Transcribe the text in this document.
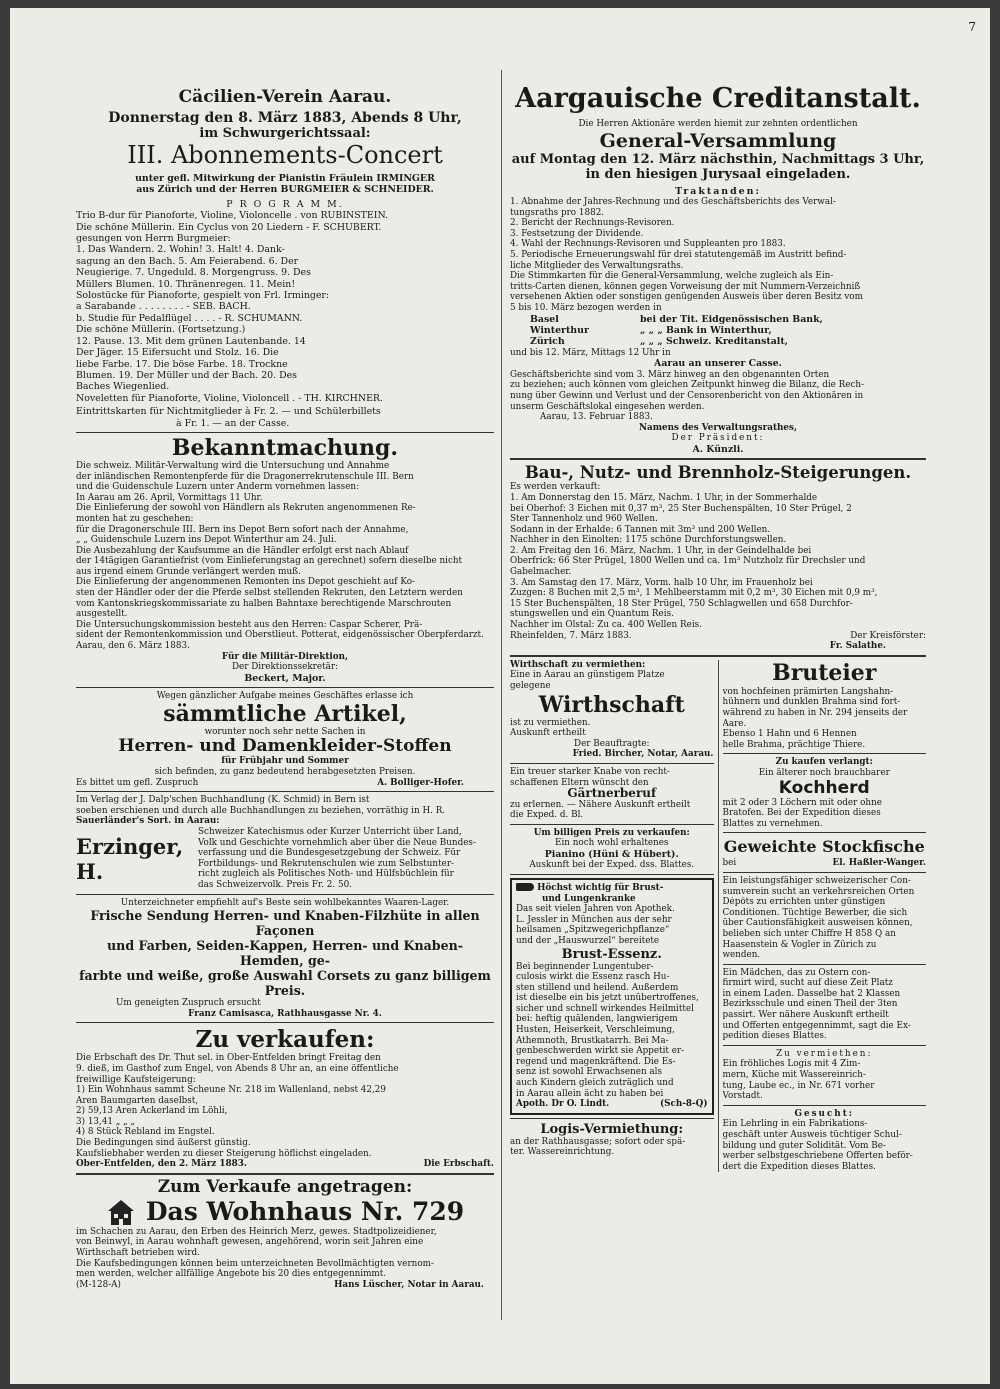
7
Cäcilien-Verein Aarau.
Donnerstag den 8. März 1883, Abends 8 Uhr,
im Schwurgerichtssaal:
III. Abonnements-Concert
unter gefl. Mitwirkung der Pianistin Fräulein IRMINGER
aus Zürich und der Herren BURGMEIER & SCHNEIDER.
P R O G R A M M.
Trio B-dur für Pianoforte, Violine, Violoncelle . von RUBINSTEIN.
Die schöne Müllerin. Ein Cyclus von 20 Liedern - F. SCHUBERT.
gesungen von Herrn Burgmeier:
1. Das Wandern. 2. Wohin! 3. Halt! 4. Dank-
sagung an den Bach. 5. Am Feierabend. 6. Der
Neugierige. 7. Ungeduld. 8. Morgengruss. 9. Des
Müllers Blumen. 10. Thränenregen. 11. Mein!
Solostücke für Pianoforte, gespielt von Frl. Irminger:
a Sarabande . . . . . . . . - SEB. BACH.
b. Studie für Pedalflügel . . . . - R. SCHUMANN.
Die schöne Müllerin. (Fortsetzung.)
12. Pause. 13. Mit dem grünen Lautenbande. 14
Der Jäger. 15 Eifersucht und Stolz. 16. Die
liebe Farbe. 17. Die böse Farbe. 18. Trockne
Blumen. 19. Der Müller und der Bach. 20. Des
Baches Wiegenlied.
Noveletten für Pianoforte, Violine, Violoncell . - TH. KIRCHNER.
Eintrittskarten für Nichtmitglieder à Fr. 2. — und Schülerbillets
à Fr. 1. — an der Casse.
Bekanntmachung.
Die schweiz. Militär-Verwaltung wird die Untersuchung und Annahme
der inländischen Remontenpferde für die Dragonerrekrutenschule III. Bern
und die Guidenschule Luzern unter Anderm vornehmen lassen:
In Aarau am 26. April, Vormittags 11 Uhr.
Die Einlieferung der sowohl von Händlern als Rekruten angenommenen Re-
monten hat zu geschehen:
für die Dragonerschule III. Bern ins Depot Bern sofort nach der Annahme,
„ „ Guidenschule Luzern ins Depot Winterthur am 24. Juli.
Die Ausbezahlung der Kaufsumme an die Händler erfolgt erst nach Ablauf
der 14tägigen Garantiefrist (vom Einlieferungstag an gerechnet) sofern dieselbe nicht
aus irgend einem Grunde verlängert werden muß.
Die Einlieferung der angenommenen Remonten ins Depot geschieht auf Ko-
sten der Händler oder der die Pferde selbst stellenden Rekruten, den Letztern werden
vom Kantonskriegskommissariate zu halben Bahntaxe berechtigende Marschrouten
ausgestellt.
Die Untersuchungskommission besteht aus den Herren: Caspar Scherer, Prä-
sident der Remontenkommission und Oberstlieut. Potterat, eidgenössischer Oberpferdarzt.
Aarau, den 6. März 1883.
Für die Militär-Direktion,
Der Direktionssekretär:
Beckert, Major.
Wegen gänzlicher Aufgabe meines Geschäftes erlasse ich
sämmtliche Artikel,
worunter noch sehr nette Sachen in
Herren- und Damenkleider-Stoffen
für Frühjahr und Sommer
sich befinden, zu ganz bedeutend herabgesetzten Preisen.
Es bittet um gefl. Zuspruch	A. Bolliger-Hofer.
Im Verlag der J. Dalp'schen Buchhandlung (K. Schmid) in Bern ist
soeben erschienen und durch alle Buchhandlungen zu beziehen, vorräthig in H. R.
Sauerländer's Sort. in Aarau:
Erzinger, H.
Schweizer Katechismus oder Kurzer Unterricht über Land,
Volk und Geschichte vornehmlich aber über die Neue Bundes-
verfassung und die Bundesgesetzgebung der Schweiz. Für
Fortbildungs- und Rekrutenschulen wie zum Selbstunter-
richt zugleich als Politisches Noth- und Hülfsbüchlein für
das Schweizervolk. Preis Fr. 2. 50.
Unterzeichneter empfiehlt auf's Beste sein wohlbekanntes Waaren-Lager.
Frische Sendung Herren- und Knaben-Filzhüte in allen Façonen
und Farben, Seiden-Kappen, Herren- und Knaben-Hemden, ge-
farbte und weiße, große Auswahl Corsets zu ganz billigem Preis.
Um geneigten Zuspruch ersucht
Franz Camisasca, Rathhausgasse Nr. 4.
Zu verkaufen:
Die Erbschaft des Dr. Thut sel. in Ober-Entfelden bringt Freitag den
9. dieß, im Gasthof zum Engel, von Abends 8 Uhr an, an eine öffentliche
freiwillige Kaufsteigerung:
1) Ein Wohnhaus sammt Scheune Nr. 218 im Wallenland, nebst 42,29
Aren Baumgarten daselbst,
2) 59,13 Aren Ackerland im Löhli,
3) 13,41 „ „ „
4) 8 Stück Rebland im Engstel.
Die Bedingungen sind äußerst günstig.
Kaufsliebhaber werden zu dieser Steigerung höflichst eingeladen.
Ober-Entfelden, den 2. März 1883.	Die Erbschaft.
Zum Verkaufe angetragen:
Das Wohnhaus Nr. 729
im Schachen zu Aarau, den Erben des Heinrich Merz, gewes. Stadtpolizeidiener,
von Beinwyl, in Aarau wohnhaft gewesen, angehörend, worin seit Jahren eine
Wirthschaft betrieben wird.
Die Kaufsbedingungen können beim unterzeichneten Bevollmächtigten vernom-
men werden, welcher allfällige Angebote bis 20 dies entgegennimmt.
(M-128-A)	Hans Lüscher, Notar in Aarau.
Aargauische Creditanstalt.
Die Herren Aktionäre werden hiemit zur zehnten ordentlichen
General-Versammlung
auf Montag den 12. März nächsthin, Nachmittags 3 Uhr,
in den hiesigen Jurysaal eingeladen.
Traktanden:
1. Abnahme der Jahres-Rechnung und des Geschäftsberichts des Verwal-
tungsraths pro 1882.
2. Bericht der Rechnungs-Revisoren.
3. Festsetzung der Dividende.
4. Wahl der Rechnungs-Revisoren und Suppleanten pro 1883.
5. Periodische Erneuerungswahl für drei statutengemäß im Austritt befind-
liche Mitglieder des Verwaltungsraths.
Die Stimmkarten für die General-Versammlung, welche zugleich als Ein-
tritts-Carten dienen, können gegen Vorweisung der mit Nummern-Verzeichniß
versehenen Aktien oder sonstigen genügenden Ausweis über deren Besitz vom
5 bis 10. März bezogen werden in
Basel	bei der Tit. Eidgenössischen Bank,
Winterthur	„ „ „ Bank in Winterthur,
Zürich	„ „ „ Schweiz. Kreditanstalt,
und bis 12. März, Mittags 12 Uhr in
Aarau an unserer Casse.
Geschäftsberichte sind vom 3. März hinweg an den obgenannten Orten
zu beziehen; auch können vom gleichen Zeitpunkt hinweg die Bilanz, die Rech-
nung über Gewinn und Verlust und der Censorenbericht von den Aktionären in
unserm Geschäftslokal eingesehen werden.
Aarau, 13. Februar 1883.
Namens des Verwaltungsrathes,
Der Präsident:
A. Künzli.
Bau-, Nutz- und Brennholz-Steigerungen.
Es werden verkauft:
1. Am Donnerstag den 15. März, Nachm. 1 Uhr, in der Sommerhalde
bei Oberhof: 3 Eichen mit 0,37 m³, 25 Ster Buchenspälten, 10 Ster Prügel, 2
Ster Tannenholz und 960 Wellen.
Sodann in der Erhalde: 6 Tannen mit 3m³ und 200 Wellen.
Nachher in den Einolten: 1175 schöne Durchforstungswellen.
2. Am Freitag den 16. März, Nachm. 1 Uhr, in der Geindelhalde bei
Oberfrick: 66 Ster Prügel, 1800 Wellen und ca. 1m³ Nutzholz für Drechsler und
Gabelmacher.
3. Am Samstag den 17. März, Vorm. halb 10 Uhr, im Frauenholz bei
Zuzgen: 8 Buchen mit 2,5 m³, 1 Mehlbeerstamm mit 0,2 m³, 30 Eichen mit 0,9 m³,
15 Ster Buchenspälten, 18 Ster Prügel, 750 Schlagwellen und 658 Durchfor-
stungswellen und ein Quantum Reis.
Nachher im Olstal: Zu ca. 400 Wellen Reis.
Rheinfelden, 7. März 1883.	Der Kreisförster:
Fr. Salathe.
Wirthschaft zu vermiethen:
Eine in Aarau an günstigem Platze
gelegene
Wirthschaft
ist zu vermiethen.
Auskunft ertheilt
Der Beauftragte:
Fried. Bircher, Notar, Aarau.
Ein treuer starker Knabe von recht-
schaffenen Eltern wünscht den
Gärtnerberuf
zu erlernen. — Nähere Auskunft ertheilt
die Exped. d. Bl.
Um billigen Preis zu verkaufen:
Ein noch wohl erhaltenes
Pianino (Hüni & Hübert).
Auskunft bei der Exped. dss. Blattes.
Höchst wichtig für Brust-
und Lungenkranke
Das seit vielen Jahren von Apothek.
L. Jessler in München aus der sehr
heilsamen „Spitzwegerichpflanze“
und der „Hauswurzel“ bereitete
Brust-Essenz.
Bei beginnender Lungentuber-
culosis wirkt die Essenz rasch Hu-
sten stillend und heilend. Außerdem
ist dieselbe ein bis jetzt unübertroffenes,
sicher und schnell wirkendes Heilmittel
bei: heftig quälenden, langwierigem
Husten, Heiserkeit, Verschleimung,
Athemnoth, Brustkatarrh. Bei Ma-
genbeschwerden wirkt sie Appetit er-
regend und magenkräftend. Die Es-
senz ist sowohl Erwachsenen als
auch Kindern gleich zuträglich und
in Aarau allein ächt zu haben bei
Apoth. Dr O. Lindt.	(Sch-8-Q)
Logis-Vermiethung:
an der Rathhausgasse; sofort oder spä-
ter. Wassereinrichtung.
Bruteier
von hochfeinen prämirten Langshahn-
hühnern und dunklen Brahma sind fort-
während zu haben in Nr. 294 jenseits der
Aare.
Ebenso 1 Hahn und 6 Hennen
helle Brahma, prächtige Thiere.
Zu kaufen verlangt:
Ein älterer noch brauchbarer
Kochherd
mit 2 oder 3 Löchern mit oder ohne
Bratofen. Bei der Expedition dieses
Blattes zu vernehmen.
Geweichte Stockfische
bei	El. Haßler-Wanger.
Ein leistungsfähiger schweizerischer Con-
sumverein sucht an verkehrsreichen Orten
Dépôts zu errichten unter günstigen
Conditionen. Tüchtige Bewerber, die sich
über Cautionsfähigkeit ausweisen können,
belieben sich unter Chiffre H 858 Q an
Haasenstein & Vogler in Zürich zu
wenden.
Ein Mädchen, das zu Ostern con-
firmirt wird, sucht auf diese Zeit Platz
in einem Laden. Dasselbe hat 2 Klassen
Bezirksschule und einen Theil der 3ten
passirt. Wer nähere Auskunft ertheilt
und Offerten entgegennimmt, sagt die Ex-
pedition dieses Blattes.
Zu vermiethen:
Ein fröhliches Logis mit 4 Zim-
mern, Küche mit Wassereinrich-
tung, Laube ec., in Nr. 671 vorher
Vorstadt.
Gesucht:
Ein Lehrling in ein Fabrikations-
geschäft unter Ausweis tüchtiger Schul-
bildung und guter Solidität. Vom Be-
werber selbstgeschriebene Offerten beför-
dert die Expedition dieses Blattes.
